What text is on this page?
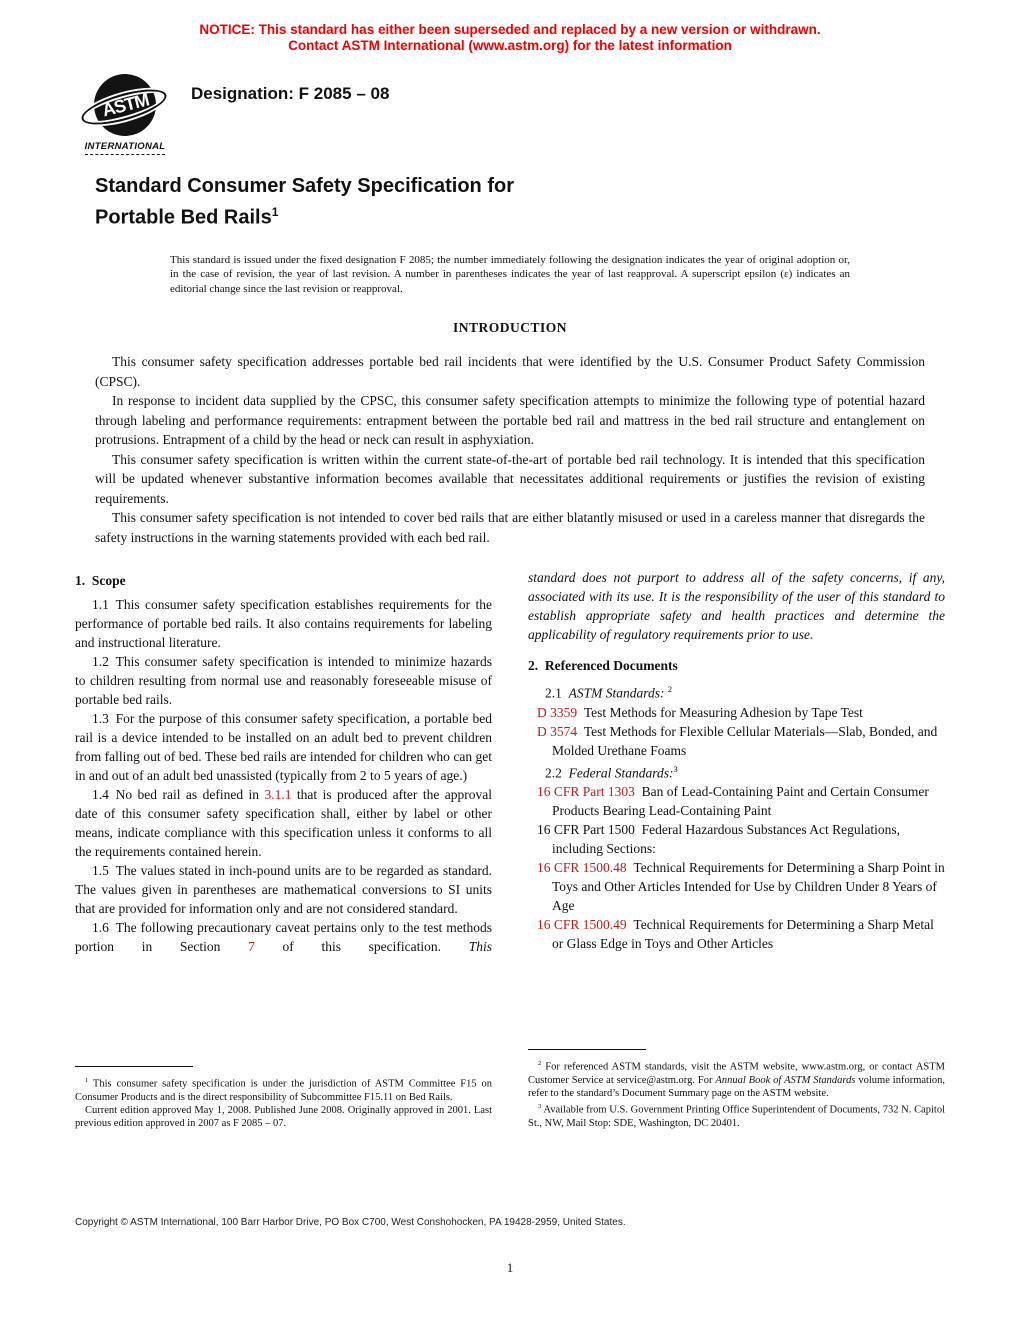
NOTICE: This standard has either been superseded and replaced by a new version or withdrawn.
Contact ASTM International (www.astm.org) for the latest information
ASTM
INTERNATIONAL
Designation: F 2085 – 08
Standard Consumer Safety Specification for
Portable Bed Rails$^1$

This standard is issued under the fixed designation F 2085; the number immediately following the designation indicates the year of original adoption or, in the case of revision, the year of last revision. A number in parentheses indicates the year of last reapproval. A superscript epsilon (ε) indicates an editorial change since the last revision or reapproval.

INTRODUCTION

This consumer safety specification addresses portable bed rail incidents that were identified by the U.S. Consumer Product Safety Commission (CPSC).

In response to incident data supplied by the CPSC, this consumer safety specification attempts to minimize the following type of potential hazard through labeling and performance requirements: entrapment between the portable bed rail and mattress in the bed rail structure and entanglement on protrusions. Entrapment of a child by the head or neck can result in asphyxiation.

This consumer safety specification is written within the current state-of-the-art of portable bed rail technology. It is intended that this specification will be updated whenever substantive information becomes available that necessitates additional requirements or justifies the revision of existing requirements.

This consumer safety specification is not intended to cover bed rails that are either blatantly misused or used in a careless manner that disregards the safety instructions in the warning statements provided with each bed rail.

1. Scope

1.1 This consumer safety specification establishes requirements for the performance of portable bed rails. It also contains requirements for labeling and instructional literature.

1.2 This consumer safety specification is intended to minimize hazards to children resulting from normal use and reasonably foreseeable misuse of portable bed rails.

1.3 For the purpose of this consumer safety specification, a portable bed rail is a device intended to be installed on an adult bed to prevent children from falling out of bed. These bed rails are intended for children who can get in and out of an adult bed unassisted (typically from 2 to 5 years of age.)

1.4 No bed rail as defined in 3.1.1 that is produced after the approval date of this consumer safety specification shall, either by label or other means, indicate compliance with this specification unless it conforms to all the requirements contained herein.

1.5 The values stated in inch-pound units are to be regarded as standard. The values given in parentheses are mathematical conversions to SI units that are provided for information only and are not considered standard.

1.6 The following precautionary caveat pertains only to the test methods portion in Section 7 of this specification. This

$^1$ This consumer safety specification is under the jurisdiction of ASTM Committee F15 on Consumer Products and is the direct responsibility of Subcommittee F15.11 on Bed Rails.

Current edition approved May 1, 2008. Published June 2008. Originally approved in 2001. Last previous edition approved in 2007 as F 2085 – 07.

standard does not purport to address all of the safety concerns, if any, associated with its use. It is the responsibility of the user of this standard to establish appropriate safety and health practices and determine the applicability of regulatory requirements prior to use.

2. Referenced Documents

2.1 ASTM Standards: $^2$

D 3359 Test Methods for Measuring Adhesion by Tape Test

D 3574 Test Methods for Flexible Cellular Materials—Slab, Bonded, and Molded Urethane Foams

2.2 Federal Standards:$^3$

16 CFR Part 1303 Ban of Lead-Containing Paint and Certain Consumer Products Bearing Lead-Containing Paint

16 CFR Part 1500 Federal Hazardous Substances Act Regulations, including Sections:

16 CFR 1500.48 Technical Requirements for Determining a Sharp Point in Toys and Other Articles Intended for Use by Children Under 8 Years of Age

16 CFR 1500.49 Technical Requirements for Determining a Sharp Metal or Glass Edge in Toys and Other Articles

$^2$ For referenced ASTM standards, visit the ASTM website, www.astm.org, or contact ASTM Customer Service at service@astm.org. For Annual Book of ASTM Standards volume information, refer to the standard’s Document Summary page on the ASTM website.

$^3$ Available from U.S. Government Printing Office Superintendent of Documents, 732 N. Capitol St., NW, Mail Stop: SDE, Washington, DC 20401.

Copyright © ASTM International, 100 Barr Harbor Drive, PO Box C700, West Conshohocken, PA 19428-2959, United States.

1
